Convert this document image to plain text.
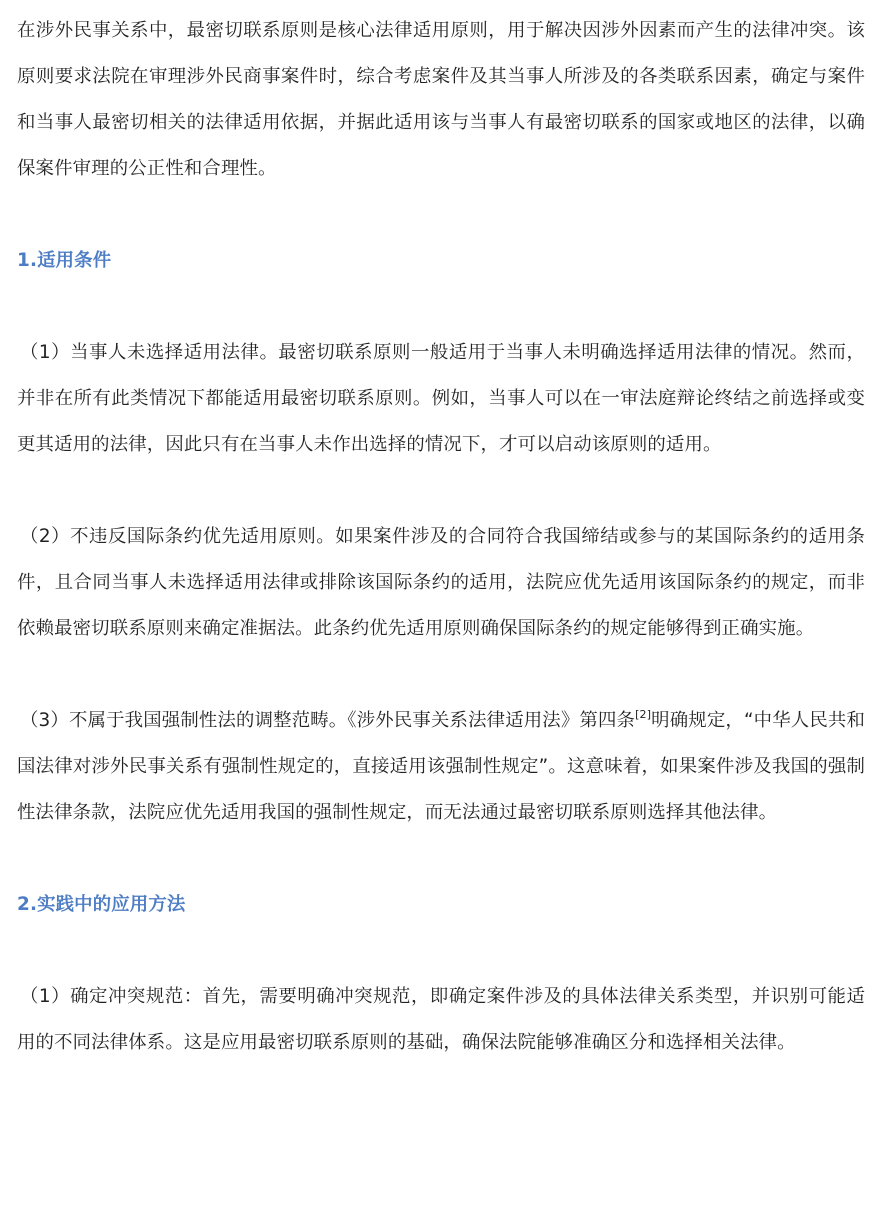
在涉外民事关系中，最密切联系原则是核心法律适用原则，用于解决因涉外因素而产生的法律冲突。该原则要求法院在审理涉外民商事案件时，综合考虑案件及其当事人所涉及的各类联系因素，确定与案件和当事人最密切相关的法律适用依据，并据此适用该与当事人有最密切联系的国家或地区的法律，以确保案件审理的公正性和合理性。

1.适用条件

（1）当事人未选择适用法律。最密切联系原则一般适用于当事人未明确选择适用法律的情况。然而，并非在所有此类情况下都能适用最密切联系原则。例如，当事人可以在一审法庭辩论终结之前选择或变更其适用的法律，因此只有在当事人未作出选择的情况下，才可以启动该原则的适用。

（2）不违反国际条约优先适用原则。如果案件涉及的合同符合我国缔结或参与的某国际条约的适用条件，且合同当事人未选择适用法律或排除该国际条约的适用，法院应优先适用该国际条约的规定，而非依赖最密切联系原则来确定准据法。此条约优先适用原则确保国际条约的规定能够得到正确实施。

（3）不属于我国强制性法的调整范畴。《涉外民事关系法律适用法》第四条[2]明确规定，“中华人民共和国法律对涉外民事关系有强制性规定的，直接适用该强制性规定”。这意味着，如果案件涉及我国的强制性法律条款，法院应优先适用我国的强制性规定，而无法通过最密切联系原则选择其他法律。

2.实践中的应用方法

（1）确定冲突规范：首先，需要明确冲突规范，即确定案件涉及的具体法律关系类型，并识别可能适用的不同法律体系。这是应用最密切联系原则的基础，确保法院能够准确区分和选择相关法律。
